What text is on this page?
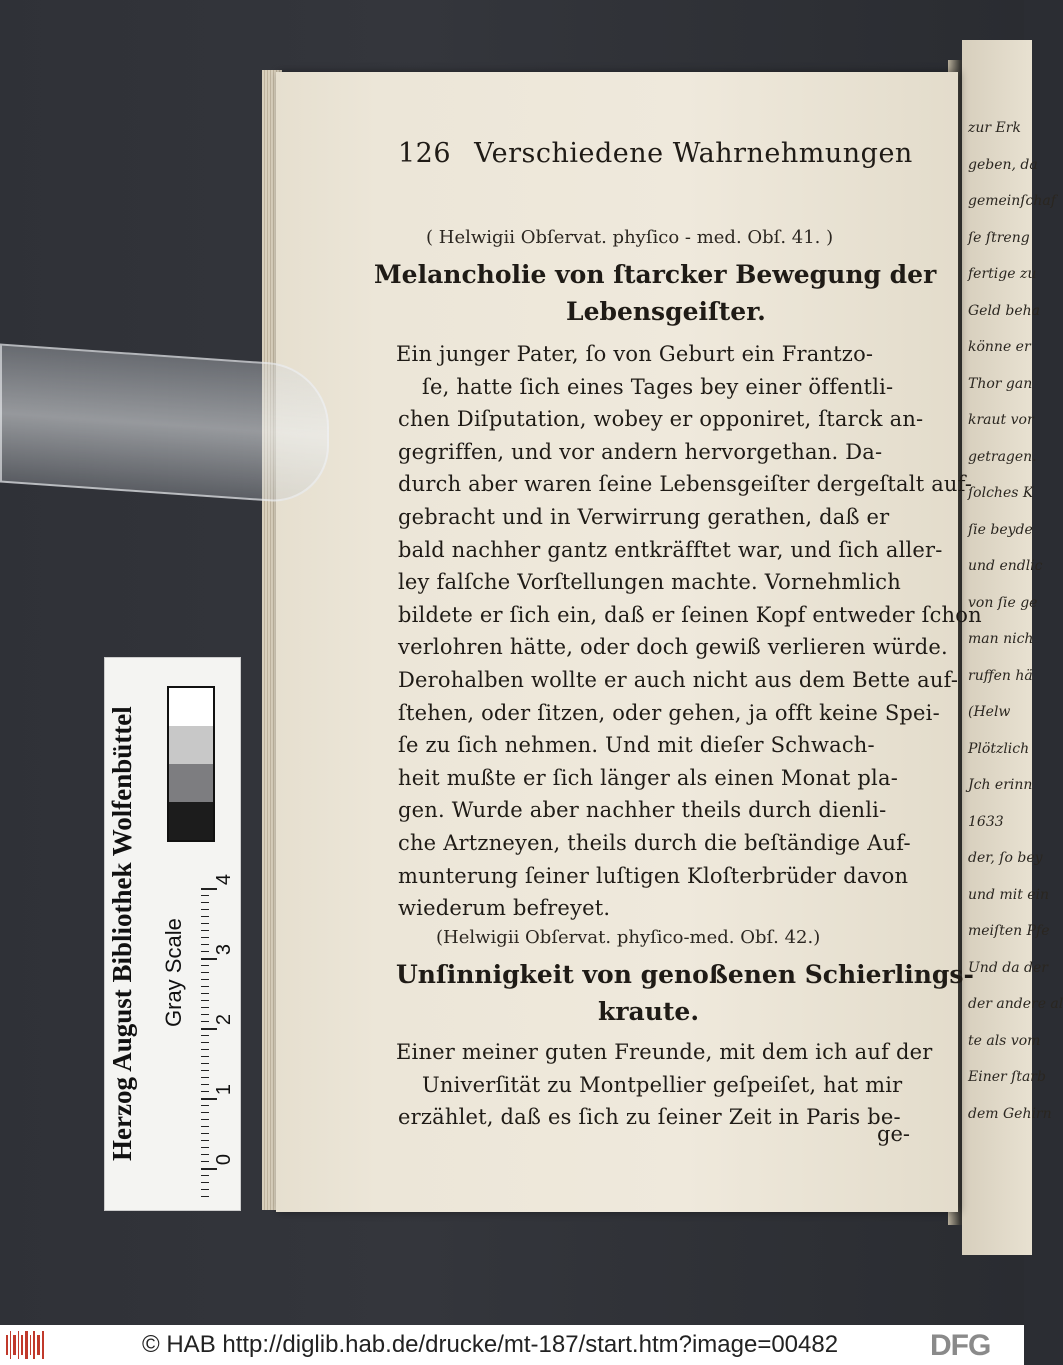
zur Erk
geben, da
gemeinſchaf
ſe ſtreng
fertige zu
Geld beha
könne er
Thor gan
kraut vor
getragen.
ſolches K
ſie beyde
und endlic
von ſie ge
man nich
ruffen hä
(Helw
Plötzlich
Jch erinn
1633
der, ſo bey
und mit ein
meiſten Pfe
Und da der
der andere al
te als vom
Einer ſtarb
dem Gehirn
126 Verschiedene Wahrnehmungen
( Helwigii Obſervat. phyſico - med. Obſ. 41. )
Melancholie von ſtarcker Bewegung der
Lebensgeiſter.
Ein junger Pater, ſo von Geburt ein Frantzo-
ſe, hatte ſich eines Tages bey einer öffentli-
chen Diſputation, wobey er opponiret, ſtarck an-
gegriffen, und vor andern hervorgethan. Da-
durch aber waren ſeine Lebensgeiſter dergeſtalt auf-
gebracht und in Verwirrung gerathen, daß er
bald nachher gantz entkräfftet war, und ſich aller-
ley falſche Vorſtellungen machte. Vornehmlich
bildete er ſich ein, daß er ſeinen Kopf entweder ſchon
verlohren hätte, oder doch gewiß verlieren würde.
Derohalben wollte er auch nicht aus dem Bette auf-
ſtehen, oder ſitzen, oder gehen, ja offt keine Spei-
ſe zu ſich nehmen. Und mit dieſer Schwach-
heit mußte er ſich länger als einen Monat pla-
gen. Wurde aber nachher theils durch dienli-
che Artzneyen, theils durch die beſtändige Auf-
munterung ſeiner luſtigen Kloſterbrüder davon
wiederum befreyet.
(Helwigii Obſervat. phyſico-med. Obſ. 42.)
Unſinnigkeit von genoßenen Schierlings-
kraute.
Einer meiner guten Freunde, mit dem ich auf der
Univerſität zu Montpellier geſpeiſet, hat mir
erzählet, daß es ſich zu ſeiner Zeit in Paris be-
ge-
Herzog August Bibliothek Wolfenbüttel	Gray Scale
4
3
2
1
0
© HAB http://diglib.hab.de/drucke/mt-187/start.htm?image=00482	DFG
